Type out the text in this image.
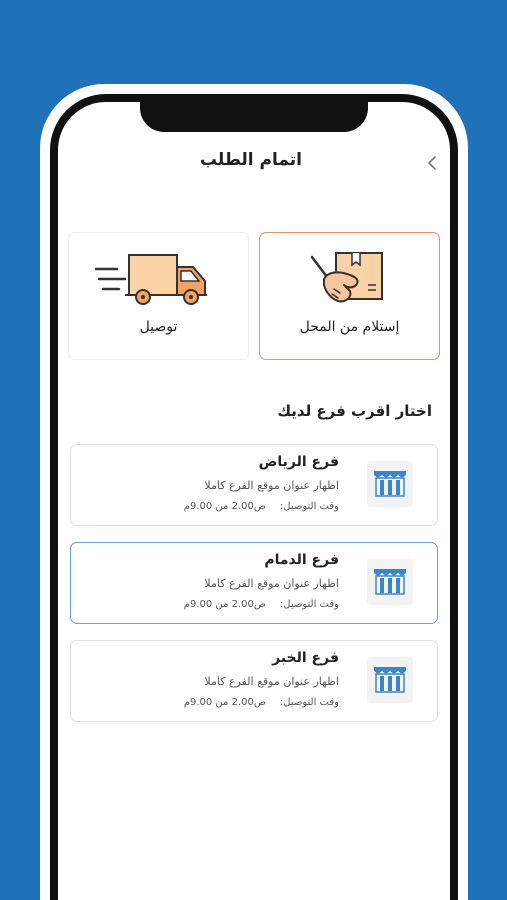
اتمام الطلب
توصيل	إستلام من المحل
اختار اقرب فرع لديك
فرع الرياض
اظهار عنوان موقع الفرع كاملا
وقت التوصيل:ص2.00 من 9.00م
فرع الدمام
اظهار عنوان موقع الفرع كاملا
وقت التوصيل:ص2.00 من 9.00م
فرع الخبر
اظهار عنوان موقع الفرع كاملا
وقت التوصيل:ص2.00 من 9.00م
